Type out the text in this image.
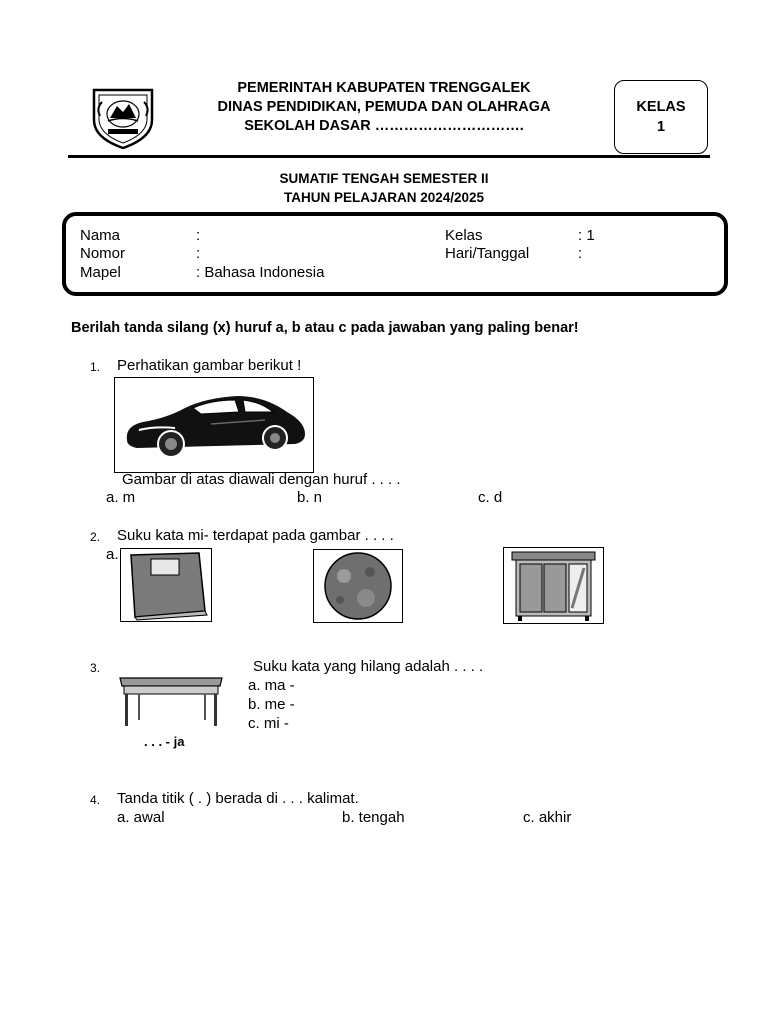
PEMERINTAH KABUPATEN TRENGGALEK
DINAS PENDIDIKAN, PEMUDA DAN OLAHRAGA
SEKOLAH DASAR ………………………….
KELAS
1
SUMATIF TENGAH SEMESTER II
TAHUN PELAJARAN 2024/2025
Nama	:
Nomor	:
Mapel	: Bahasa Indonesia
Kelas	: 1
Hari/Tanggal	:
Berilah tanda silang (x) huruf a, b atau c pada jawaban yang paling benar!
1. Perhatikan gambar berikut !
Gambar di atas diawali dengan huruf . . . .
a. m	b. n	c. d
2. Suku kata mi- terdapat pada gambar . . . .
a.
3.
. . . - ja
Suku kata yang hilang adalah . . . .
a. ma -
b. me -
c. mi -
4. Tanda titik ( . ) berada di . . . kalimat.
a. awal	b. tengah	c. akhir
